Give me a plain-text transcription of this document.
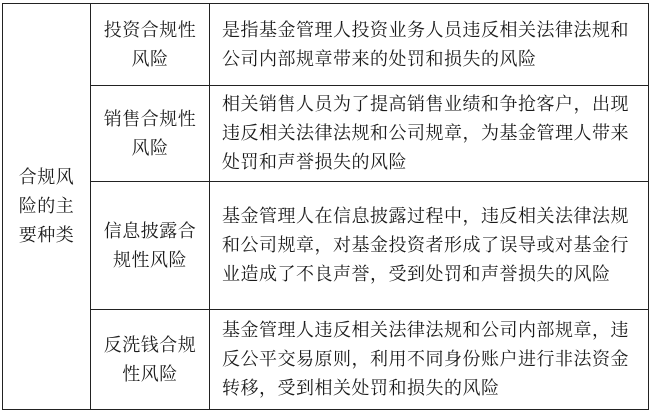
合规风险的主要种类	投资合规性风险	是指基金管理人投资业务人员违反相关法律法规和公司内部规章带来的处罚和损失的风险
	销售合规性风险	相关销售人员为了提高销售业绩和争抢客户，出现违反相关法律法规和公司规章，为基金管理人带来处罚和声誉损失的风险
	信息披露合规性风险	基金管理人在信息披露过程中，违反相关法律法规和公司规章，对基金投资者形成了误导或对基金行业造成了不良声誉，受到处罚和声誉损失的风险
	反洗钱合规性风险	基金管理人违反相关法律法规和公司内部规章，违反公平交易原则，利用不同身份账户进行非法资金转移，受到相关处罚和损失的风险
